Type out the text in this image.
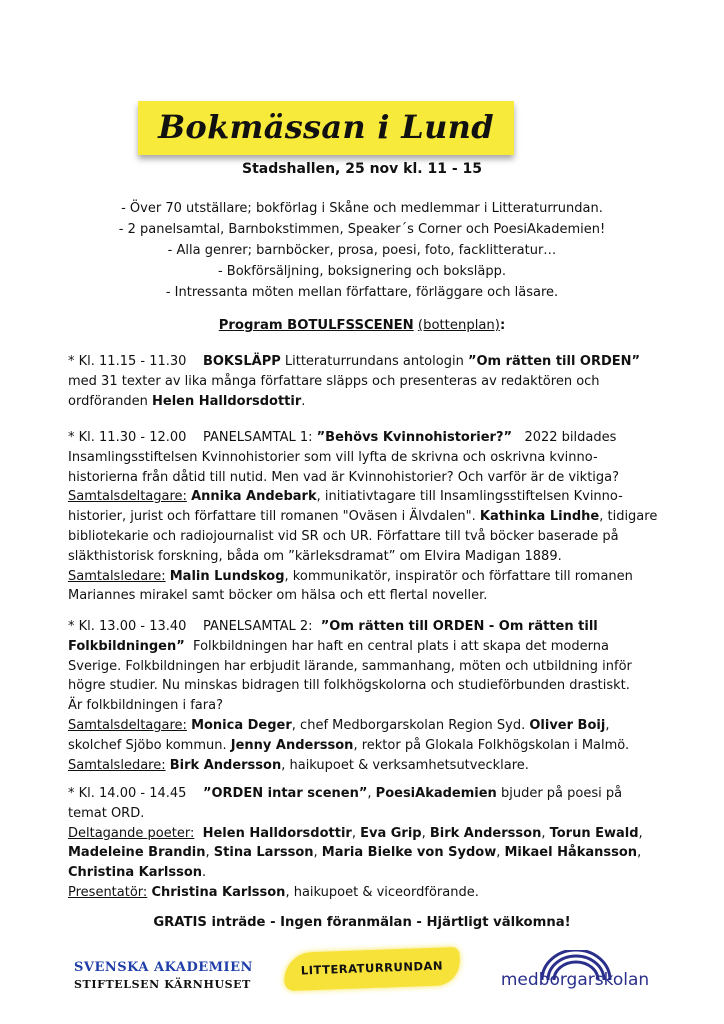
Bokmässan i Lund
Stadshallen, 25 nov kl. 11 - 15
- Över 70 utställare; bokförlag i Skåne och medlemmar i Litteraturrundan.
- 2 panelsamtal, Barnbokstimmen, Speaker´s Corner och PoesiAkademien!
- Alla genrer; barnböcker, prosa, poesi, foto, facklitteratur…
- Bokförsäljning, boksignering och boksläpp.
- Intressanta möten mellan författare, förläggare och läsare.
Program BOTULFSSCENEN (bottenplan):
* Kl. 11.15 - 11.30 BOKSLÄPP Litteraturrundans antologin ”Om rätten till ORDEN”
med 31 texter av lika många författare släpps och presenteras av redaktören och
ordföranden Helen Halldorsdottir.
* Kl. 11.30 - 12.00 PANELSAMTAL 1: ”Behövs Kvinnohistorier?”   2022 bildades
Insamlingsstiftelsen Kvinnohistorier som vill lyfta de skrivna och oskrivna kvinno-
historierna från dåtid till nutid. Men vad är Kvinnohistorier? Och varför är de viktiga?
Samtalsdeltagare: Annika Andebark, initiativtagare till Insamlingsstiftelsen Kvinno-
historier, jurist och författare till romanen "Oväsen i Älvdalen". Kathinka Lindhe, tidigare
bibliotekarie och radiojournalist vid SR och UR. Författare till två böcker baserade på
släkthistorisk forskning, båda om ”kärleksdramat” om Elvira Madigan 1889.
Samtalsledare: Malin Lundskog, kommunikatör, inspiratör och författare till romanen
Mariannes mirakel samt böcker om hälsa och ett flertal noveller.
* Kl. 13.00 - 13.40 PANELSAMTAL 2:  ”Om rätten till ORDEN - Om rätten till
Folkbildningen”  Folkbildningen har haft en central plats i att skapa det moderna
Sverige. Folkbildningen har erbjudit lärande, sammanhang, möten och utbildning inför
högre studier. Nu minskas bidragen till folkhögskolorna och studieförbunden drastiskt.
Är folkbildningen i fara?
Samtalsdeltagare: Monica Deger, chef Medborgarskolan Region Syd. Oliver Boij,
skolchef Sjöbo kommun. Jenny Andersson, rektor på Glokala Folkhögskolan i Malmö.
Samtalsledare: Birk Andersson, haikupoet & verksamhetsutvecklare.
* Kl. 14.00 - 14.45 ”ORDEN intar scenen”, PoesiAkademien bjuder på poesi på
temat ORD.
Deltagande poeter: Helen Halldorsdottir, Eva Grip, Birk Andersson, Torun Ewald,
Madeleine Brandin, Stina Larsson, Maria Bielke von Sydow, Mikael Håkansson,
Christina Karlsson.
Presentatör: Christina Karlsson, haikupoet & viceordförande.
GRATIS inträde - Ingen föranmälan - Hjärtligt välkomna!
SVENSKA AKADEMIEN
STIFTELSEN KÄRNHUSET
LITTERATURRUNDAN
medborgarskolan
